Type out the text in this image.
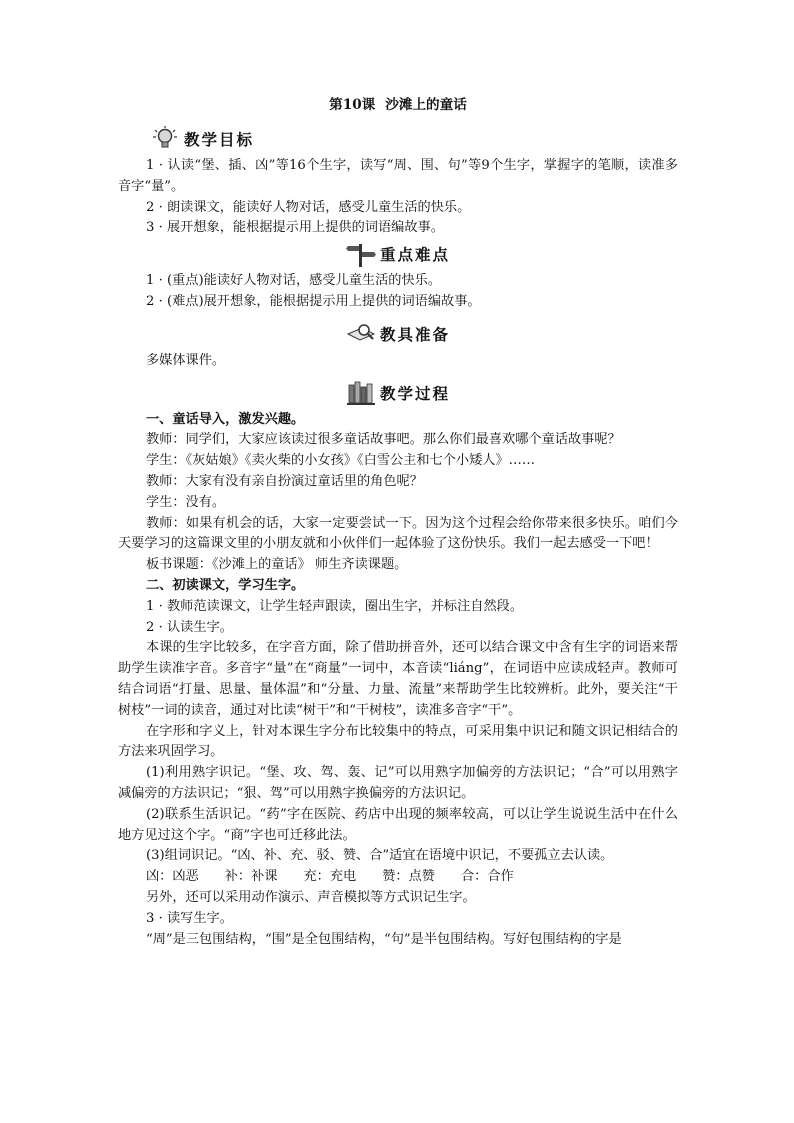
第10课 沙滩上的童话
教学目标

1 · 认读“堡、插、凶”等16个生字，读写“周、围、句”等9个生字，掌握字的笔顺，读准多音字“量”。

2 · 朗读课文，能读好人物对话，感受儿童生活的快乐。

3 · 展开想象，能根据提示用上提供的词语编故事。

重点难点

1 · (重点)能读好人物对话，感受儿童生活的快乐。

2 · (难点)展开想象，能根据提示用上提供的词语编故事。

教具准备

多媒体课件。

教学过程

一、童话导入，激发兴趣。

教师：同学们，大家应该读过很多童话故事吧。那么你们最喜欢哪个童话故事呢？

学生：《灰姑娘》《卖火柴的小女孩》《白雪公主和七个小矮人》……

教师：大家有没有亲自扮演过童话里的角色呢？

学生：没有。

教师：如果有机会的话，大家一定要尝试一下。因为这个过程会给你带来很多快乐。咱们今天要学习的这篇课文里的小朋友就和小伙伴们一起体验了这份快乐。我们一起去感受一下吧！

板书课题：《沙滩上的童话》 师生齐读课题。

二、初读课文，学习生字。

1 · 教师范读课文，让学生轻声跟读，圈出生字，并标注自然段。

2 · 认读生字。

本课的生字比较多，在字音方面，除了借助拼音外，还可以结合课文中含有生字的词语来帮助学生读准字音。多音字“量”在“商量”一词中，本音读“liáng”，在词语中应读成轻声。教师可结合词语“打量、思量、量体温”和“分量、力量、流量”来帮助学生比较辨析。此外，要关注“干树枝”一词的读音，通过对比读“树干”和“干树枝”，读准多音字“干”。

在字形和字义上，针对本课生字分布比较集中的特点，可采用集中识记和随文识记相结合的方法来巩固学习。

(1)利用熟字识记。“堡、攻、驾、轰、记”可以用熟字加偏旁的方法识记；“合”可以用熟字减偏旁的方法识记；“狠、驾”可以用熟字换偏旁的方法识记。

(2)联系生活识记。“药”字在医院、药店中出现的频率较高，可以让学生说说生活中在什么地方见过这个字。“商”字也可迁移此法。

(3)组词识记。“凶、补、充、驳、赞、合”适宜在语境中识记，不要孤立去认读。

凶：凶恶 补：补课 充：充电 赞：点赞 合：合作

另外，还可以采用动作演示、声音模拟等方式识记生字。

3 · 读写生字。

“周”是三包围结构，“围”是全包围结构，“句”是半包围结构。写好包围结构的字是
